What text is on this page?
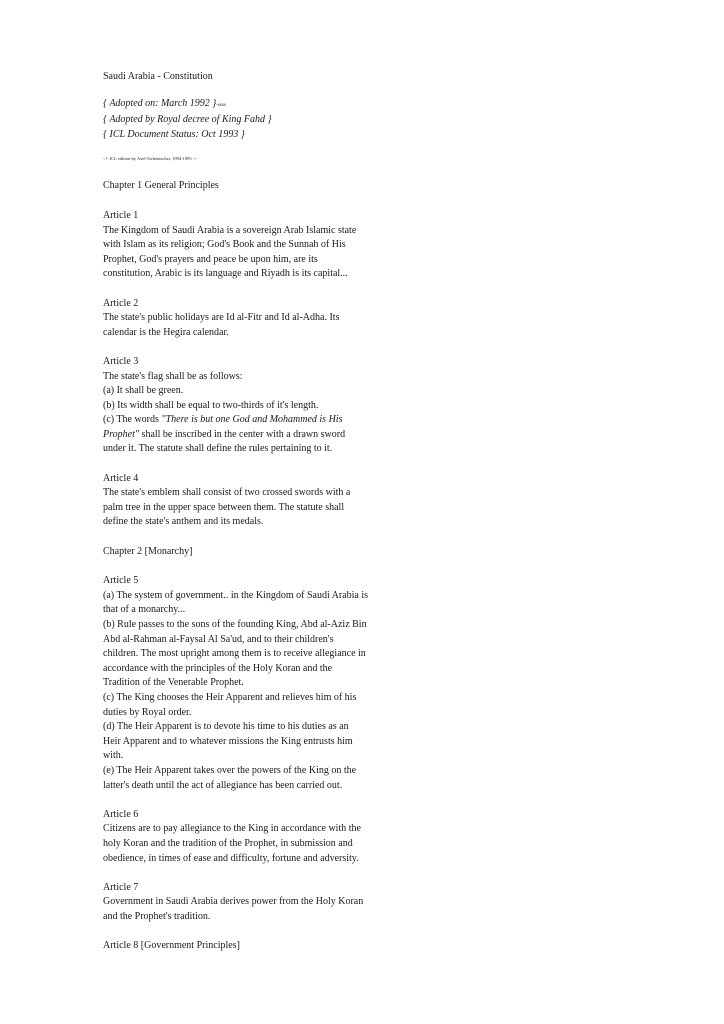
Saudi Arabia - Constitution
{ Adopted on: March 1992 }-ssss
{ Adopted by Royal decree of King Fahd }
{ ICL Document Status: Oct 1993 }
<!- ICL edition by Axel Tschentscher, 1994-1995 ->
Chapter 1 General Principles
Article 1
The Kingdom of Saudi Arabia is a sovereign Arab Islamic state
with Islam as its religion; God's Book and the Sunnah of His
Prophet, God's prayers and peace be upon him, are its
constitution, Arabic is its language and Riyadh is its capital...
Article 2
The state's public holidays are Id al-Fitr and Id al-Adha. Its
calendar is the Hegira calendar.
Article 3
The state's flag shall be as follows:
(a) It shall be green.
(b) Its width shall be equal to two-thirds of it's length.
(c) The words "There is but one God and Mohammed is His
Prophet" shall be inscribed in the center with a drawn sword
under it. The statute shall define the rules pertaining to it.
Article 4
The state's emblem shall consist of two crossed swords with a
palm tree in the upper space between them. The statute shall
define the state's anthem and its medals.
Chapter 2 [Monarchy]
Article 5
(a) The system of government.. in the Kingdom of Saudi Arabia is
that of a monarchy...
(b) Rule passes to the sons of the founding King, Abd al-Aziz Bin
Abd al-Rahman al-Faysal Al Sa'ud, and to their children's
children. The most upright among them is to receive allegiance in
accordance with the principles of the Holy Koran and the
Tradition of the Venerable Prophet.
(c) The King chooses the Heir Apparent and relieves him of his
duties by Royal order.
(d) The Heir Apparent is to devote his time to his duties as an
Heir Apparent and to whatever missions the King entrusts him
with.
(e) The Heir Apparent takes over the powers of the King on the
latter's death until the act of allegiance has been carried out.
Article 6
Citizens are to pay allegiance to the King in accordance with the
holy Koran and the tradition of the Prophet, in submission and
obedience, in times of ease and difficulty, fortune and adversity.
Article 7
Government in Saudi Arabia derives power from the Holy Koran
and the Prophet's tradition.
Article 8 [Government Principles]
